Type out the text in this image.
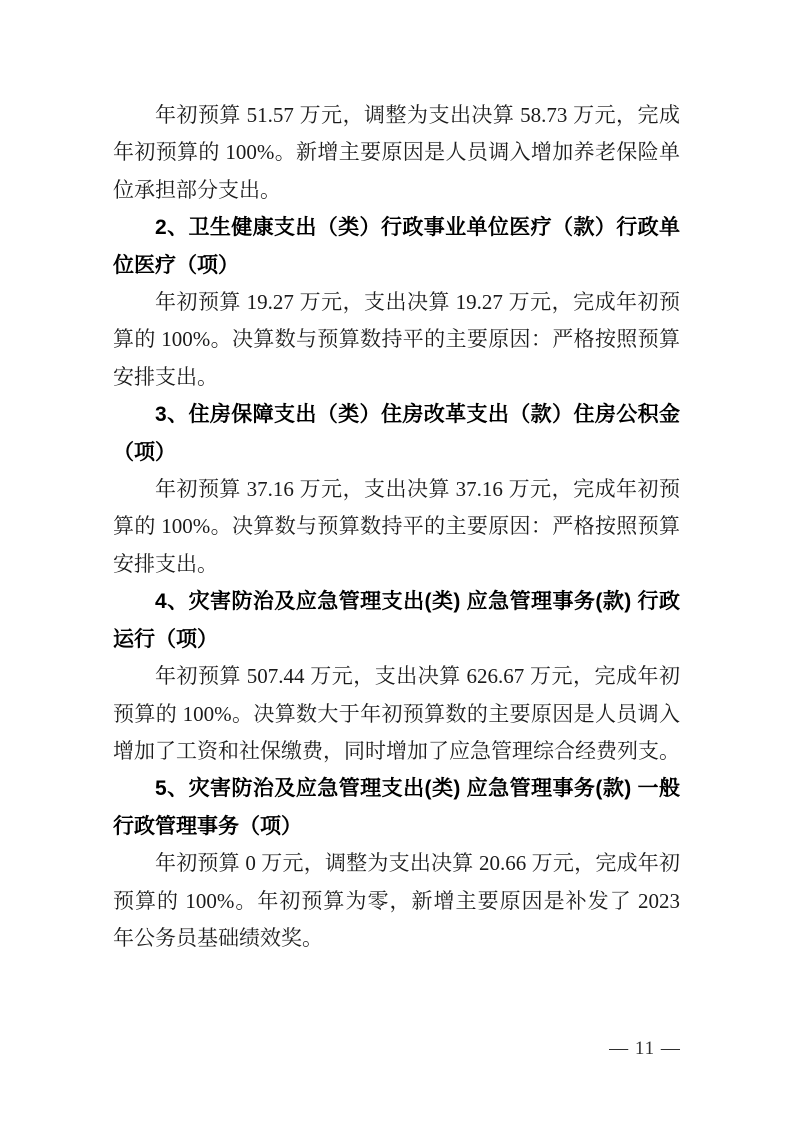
年初预算 51.57 万元，调整为支出决算 58.73 万元，完成年初预算的 100%。新增主要原因是人员调入增加养老保险单位承担部分支出。

2、卫生健康支出（类）行政事业单位医疗（款）行政单位医疗（项）

年初预算 19.27 万元，支出决算 19.27 万元，完成年初预算的 100%。决算数与预算数持平的主要原因：严格按照预算安排支出。

3、住房保障支出（类）住房改革支出（款）住房公积金（项）

年初预算 37.16 万元，支出决算 37.16 万元，完成年初预算的 100%。决算数与预算数持平的主要原因：严格按照预算安排支出。

4、灾害防治及应急管理支出(类) 应急管理事务(款) 行政运行（项）

年初预算 507.44 万元，支出决算 626.67 万元，完成年初预算的 100%。决算数大于年初预算数的主要原因是人员调入增加了工资和社保缴费，同时增加了应急管理综合经费列支。

5、灾害防治及应急管理支出(类) 应急管理事务(款) 一般行政管理事务（项）

年初预算 0 万元，调整为支出决算 20.66 万元，完成年初预算的 100%。年初预算为零，新增主要原因是补发了 2023 年公务员基础绩效奖。

— 11 —
